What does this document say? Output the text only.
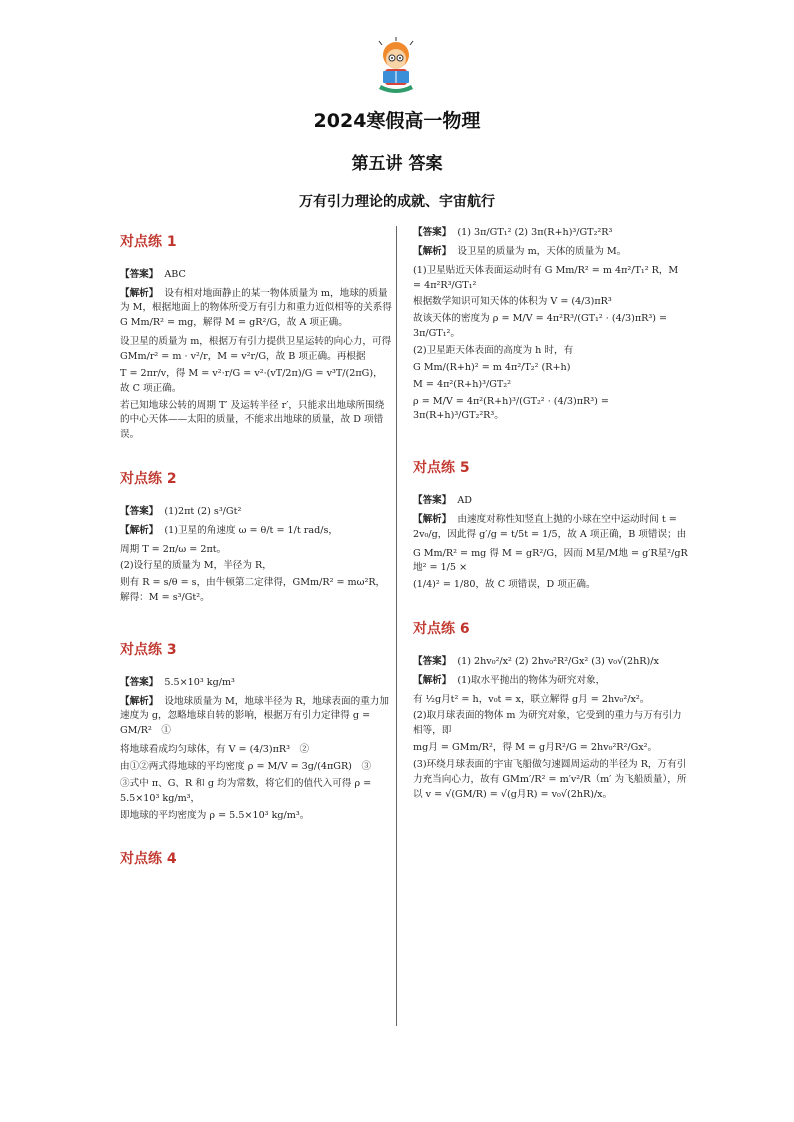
2024寒假高一物理
第五讲 答案
万有引力理论的成就、宇宙航行
对点练 1
【答案】 ABC
【解析】 设有相对地面静止的某一物体质量为 m，地球的质量为 M，根据地面上的物体所受万有引力和重力近似相等的关系得 G Mm/R² = mg，解得 M = gR²/G，故 A 项正确。
设卫星的质量为 m，根据万有引力提供卫星运转的向心力，可得 GMm/r² = m · v²/r，M = v²r/G，故 B 项正确。再根据
T = 2πr/v，得 M = v²·r/G = v²·(vT/2π)/G = v³T/(2πG)，故 C 项正确。
若已知地球公转的周期 T′ 及运转半径 r′，只能求出地球所围绕的中心天体——太阳的质量，不能求出地球的质量，故 D 项错误。
对点练 2
【答案】 (1)2πt (2) s³/Gt²
【解析】 (1)卫星的角速度 ω = θ/t = 1/t rad/s，
周期 T = 2π/ω = 2πt。
(2)设行星的质量为 M，半径为 R，
则有 R = s/θ = s，由牛顿第二定律得，GMm/R² = mω²R，解得：M = s³/Gt²。
对点练 3
【答案】 5.5×10³ kg/m³
【解析】 设地球质量为 M，地球半径为 R，地球表面的重力加速度为 g，忽略地球自转的影响，根据万有引力定律得 g = GM/R²　①
将地球看成均匀球体，有 V = (4/3)πR³　②
由①②两式得地球的平均密度 ρ = M/V = 3g/(4πGR)　③
③式中 π、G、R 和 g 均为常数，将它们的值代入可得 ρ = 5.5×10³ kg/m³，
即地球的平均密度为 ρ = 5.5×10³ kg/m³。
对点练 4
【答案】 (1) 3π/GT₁² (2) 3π(R+h)³/GT₂²R³
【解析】 设卫星的质量为 m，天体的质量为 M。
(1)卫星贴近天体表面运动时有 G Mm/R² = m 4π²/T₁² R，M = 4π²R³/GT₁²
根据数学知识可知天体的体积为 V = (4/3)πR³
故该天体的密度为 ρ = M/V = 4π²R³/(GT₁² · (4/3)πR³) = 3π/GT₁²。
(2)卫星距天体表面的高度为 h 时，有
G Mm/(R+h)² = m 4π²/T₂² (R+h)
M = 4π²(R+h)³/GT₂²
ρ = M/V = 4π²(R+h)³/(GT₂² · (4/3)πR³) = 3π(R+h)³/GT₂²R³。
对点练 5
【答案】 AD
【解析】 由速度对称性知竖直上抛的小球在空中运动时间 t = 2v₀/g，因此得 g′/g = t/5t = 1/5，故 A 项正确，B 项错误；由
G Mm/R² = mg 得 M = gR²/G，因而 M星/M地 = g′R星²/gR地² = 1/5 ×
(1/4)² = 1/80，故 C 项错误，D 项正确。
对点练 6
【答案】 (1) 2hv₀²/x² (2) 2hv₀²R²/Gx² (3) v₀√(2hR)/x
【解析】 (1)取水平抛出的物体为研究对象，
有 ½g月t² = h，v₀t = x，联立解得 g月 = 2hv₀²/x²。
(2)取月球表面的物体 m 为研究对象，它受到的重力与万有引力相等，即
mg月 = GMm/R²，得 M = g月R²/G = 2hv₀²R²/Gx²。
(3)环绕月球表面的宇宙飞船做匀速圆周运动的半径为 R，万有引力充当向心力，故有 GMm′/R² = m′v²/R（m′ 为飞船质量），所以 v = √(GM/R) = √(g月R) = v₀√(2hR)/x。
